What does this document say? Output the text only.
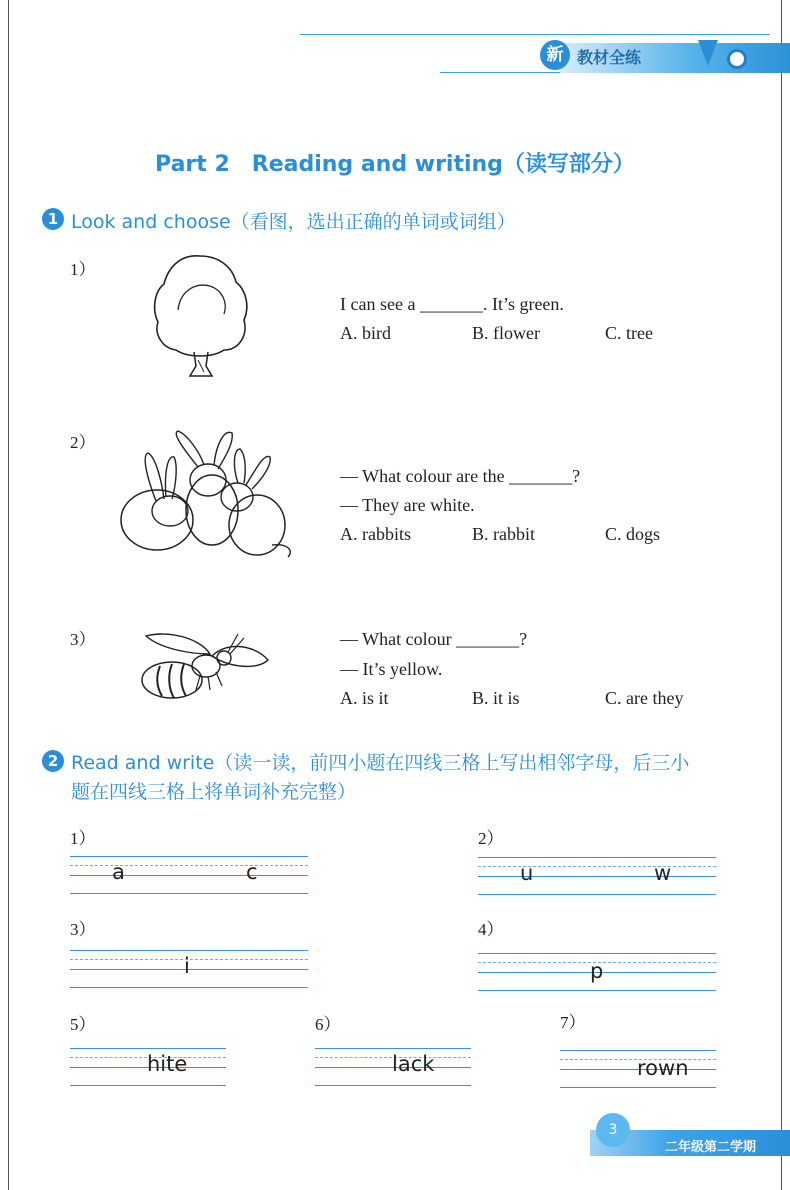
新 教材全练
Part 2　Reading and writing（读写部分）
1 Look and choose（看图，选出正确的单词或词组）
1）
I can see a _______. It’s green.
A. bird	B. flower	C. tree
2）
— What colour are the _______?
— They are white.
A. rabbits	B. rabbit	C. dogs
3）	— What colour _______?
— It’s yellow.
A. is it	B. it is	C. are they
2 Read and write（读一读，前四小题在四线三格上写出相邻字母，后三小
题在四线三格上将单词补充完整）
1）
a	c
2）
u	w
3）
i
4）
p
5）
hite
6）
lack
7）
rown
3
二年级第二学期
